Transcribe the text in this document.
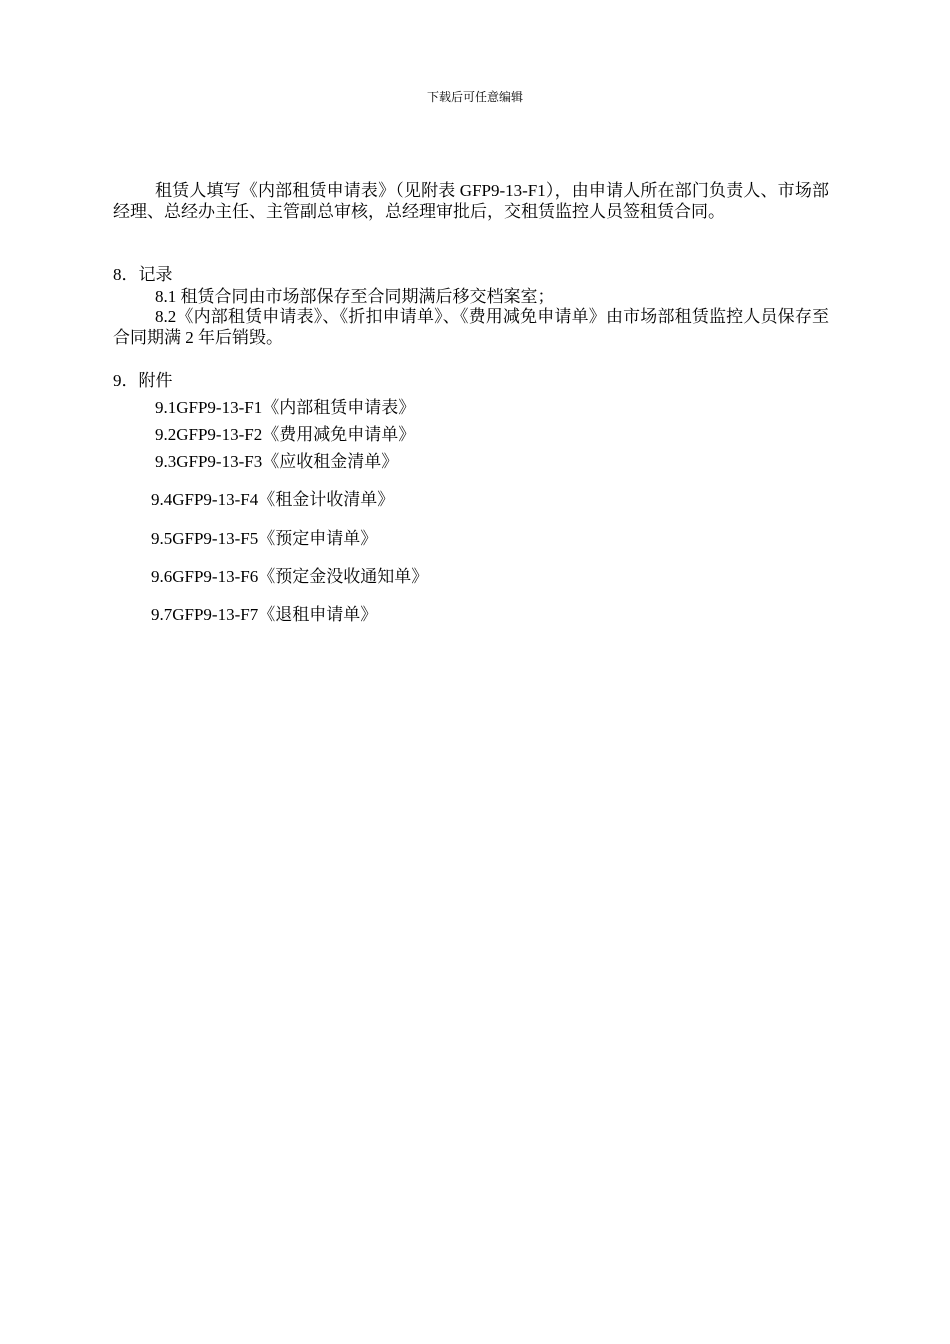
下载后可任意编辑
租赁人填写《内部租赁申请表》（见附表 GFP9-13-F1），由申请人所在部门负责人、市场部经理、总经办主任、主管副总审核，总经理审批后，交租赁监控人员签租赁合同。
8．记录
8.1 租赁合同由市场部保存至合同期满后移交档案室；
8.2《内部租赁申请表》、《折扣申请单》、《费用减免申请单》由市场部租赁监控人员保存至合同期满 2 年后销毁。
9．附件
9.1GFP9-13-F1《内部租赁申请表》
9.2GFP9-13-F2《费用减免申请单》
9.3GFP9-13-F3《应收租金清单》
9.4GFP9-13-F4《租金计收清单》
9.5GFP9-13-F5《预定申请单》
9.6GFP9-13-F6《预定金没收通知单》
9.7GFP9-13-F7《退租申请单》
